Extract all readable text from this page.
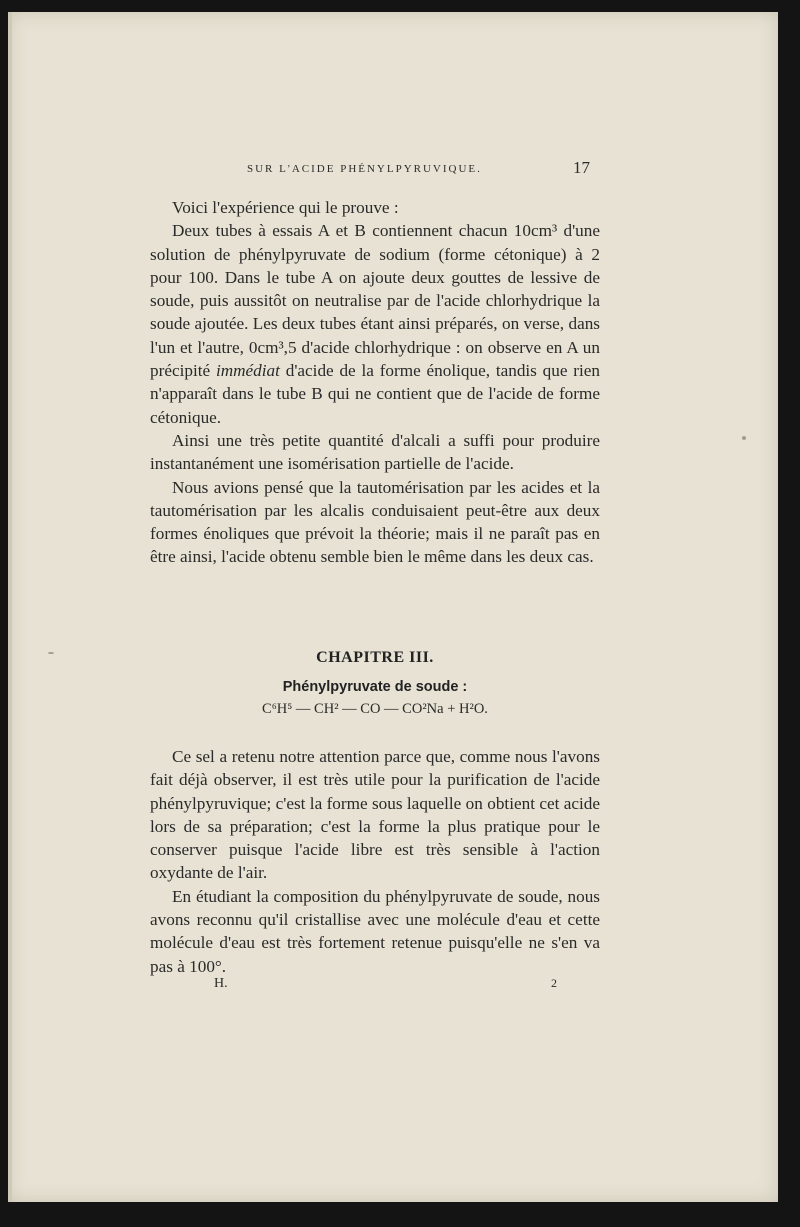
SUR L'ACIDE PHÉNYLPYRUVIQUE.	17

Voici l'expérience qui le prouve :

Deux tubes à essais A et B contiennent chacun 10cm³ d'une solution de phénylpyruvate de sodium (forme cétonique) à 2 pour 100. Dans le tube A on ajoute deux gouttes de lessive de soude, puis aussitôt on neutralise par de l'acide chlorhydrique la soude ajoutée. Les deux tubes étant ainsi préparés, on verse, dans l'un et l'autre, 0cm³,5 d'acide chlorhydrique : on observe en A un précipité immédiat d'acide de la forme énolique, tandis que rien n'apparaît dans le tube B qui ne contient que de l'acide de forme cétonique.

Ainsi une très petite quantité d'alcali a suffi pour produire instantanément une isomérisation partielle de l'acide.

Nous avions pensé que la tautomérisation par les acides et la tautomérisation par les alcalis conduisaient peut-être aux deux formes énoliques que prévoit la théorie; mais il ne paraît pas en être ainsi, l'acide obtenu semble bien le même dans les deux cas.

CHAPITRE III.
Phénylpyruvate de soude :
C⁶H⁵ — CH² — CO — CO²Na + H²O.

Ce sel a retenu notre attention parce que, comme nous l'avons fait déjà observer, il est très utile pour la purification de l'acide phénylpyruvique; c'est la forme sous laquelle on obtient cet acide lors de sa préparation; c'est la forme la plus pratique pour le conserver puisque l'acide libre est très sensible à l'action oxydante de l'air.

En étudiant la composition du phénylpyruvate de soude, nous avons reconnu qu'il cristallise avec une molécule d'eau et cette molécule d'eau est très fortement retenue puisqu'elle ne s'en va pas à 100°.

H.	2
